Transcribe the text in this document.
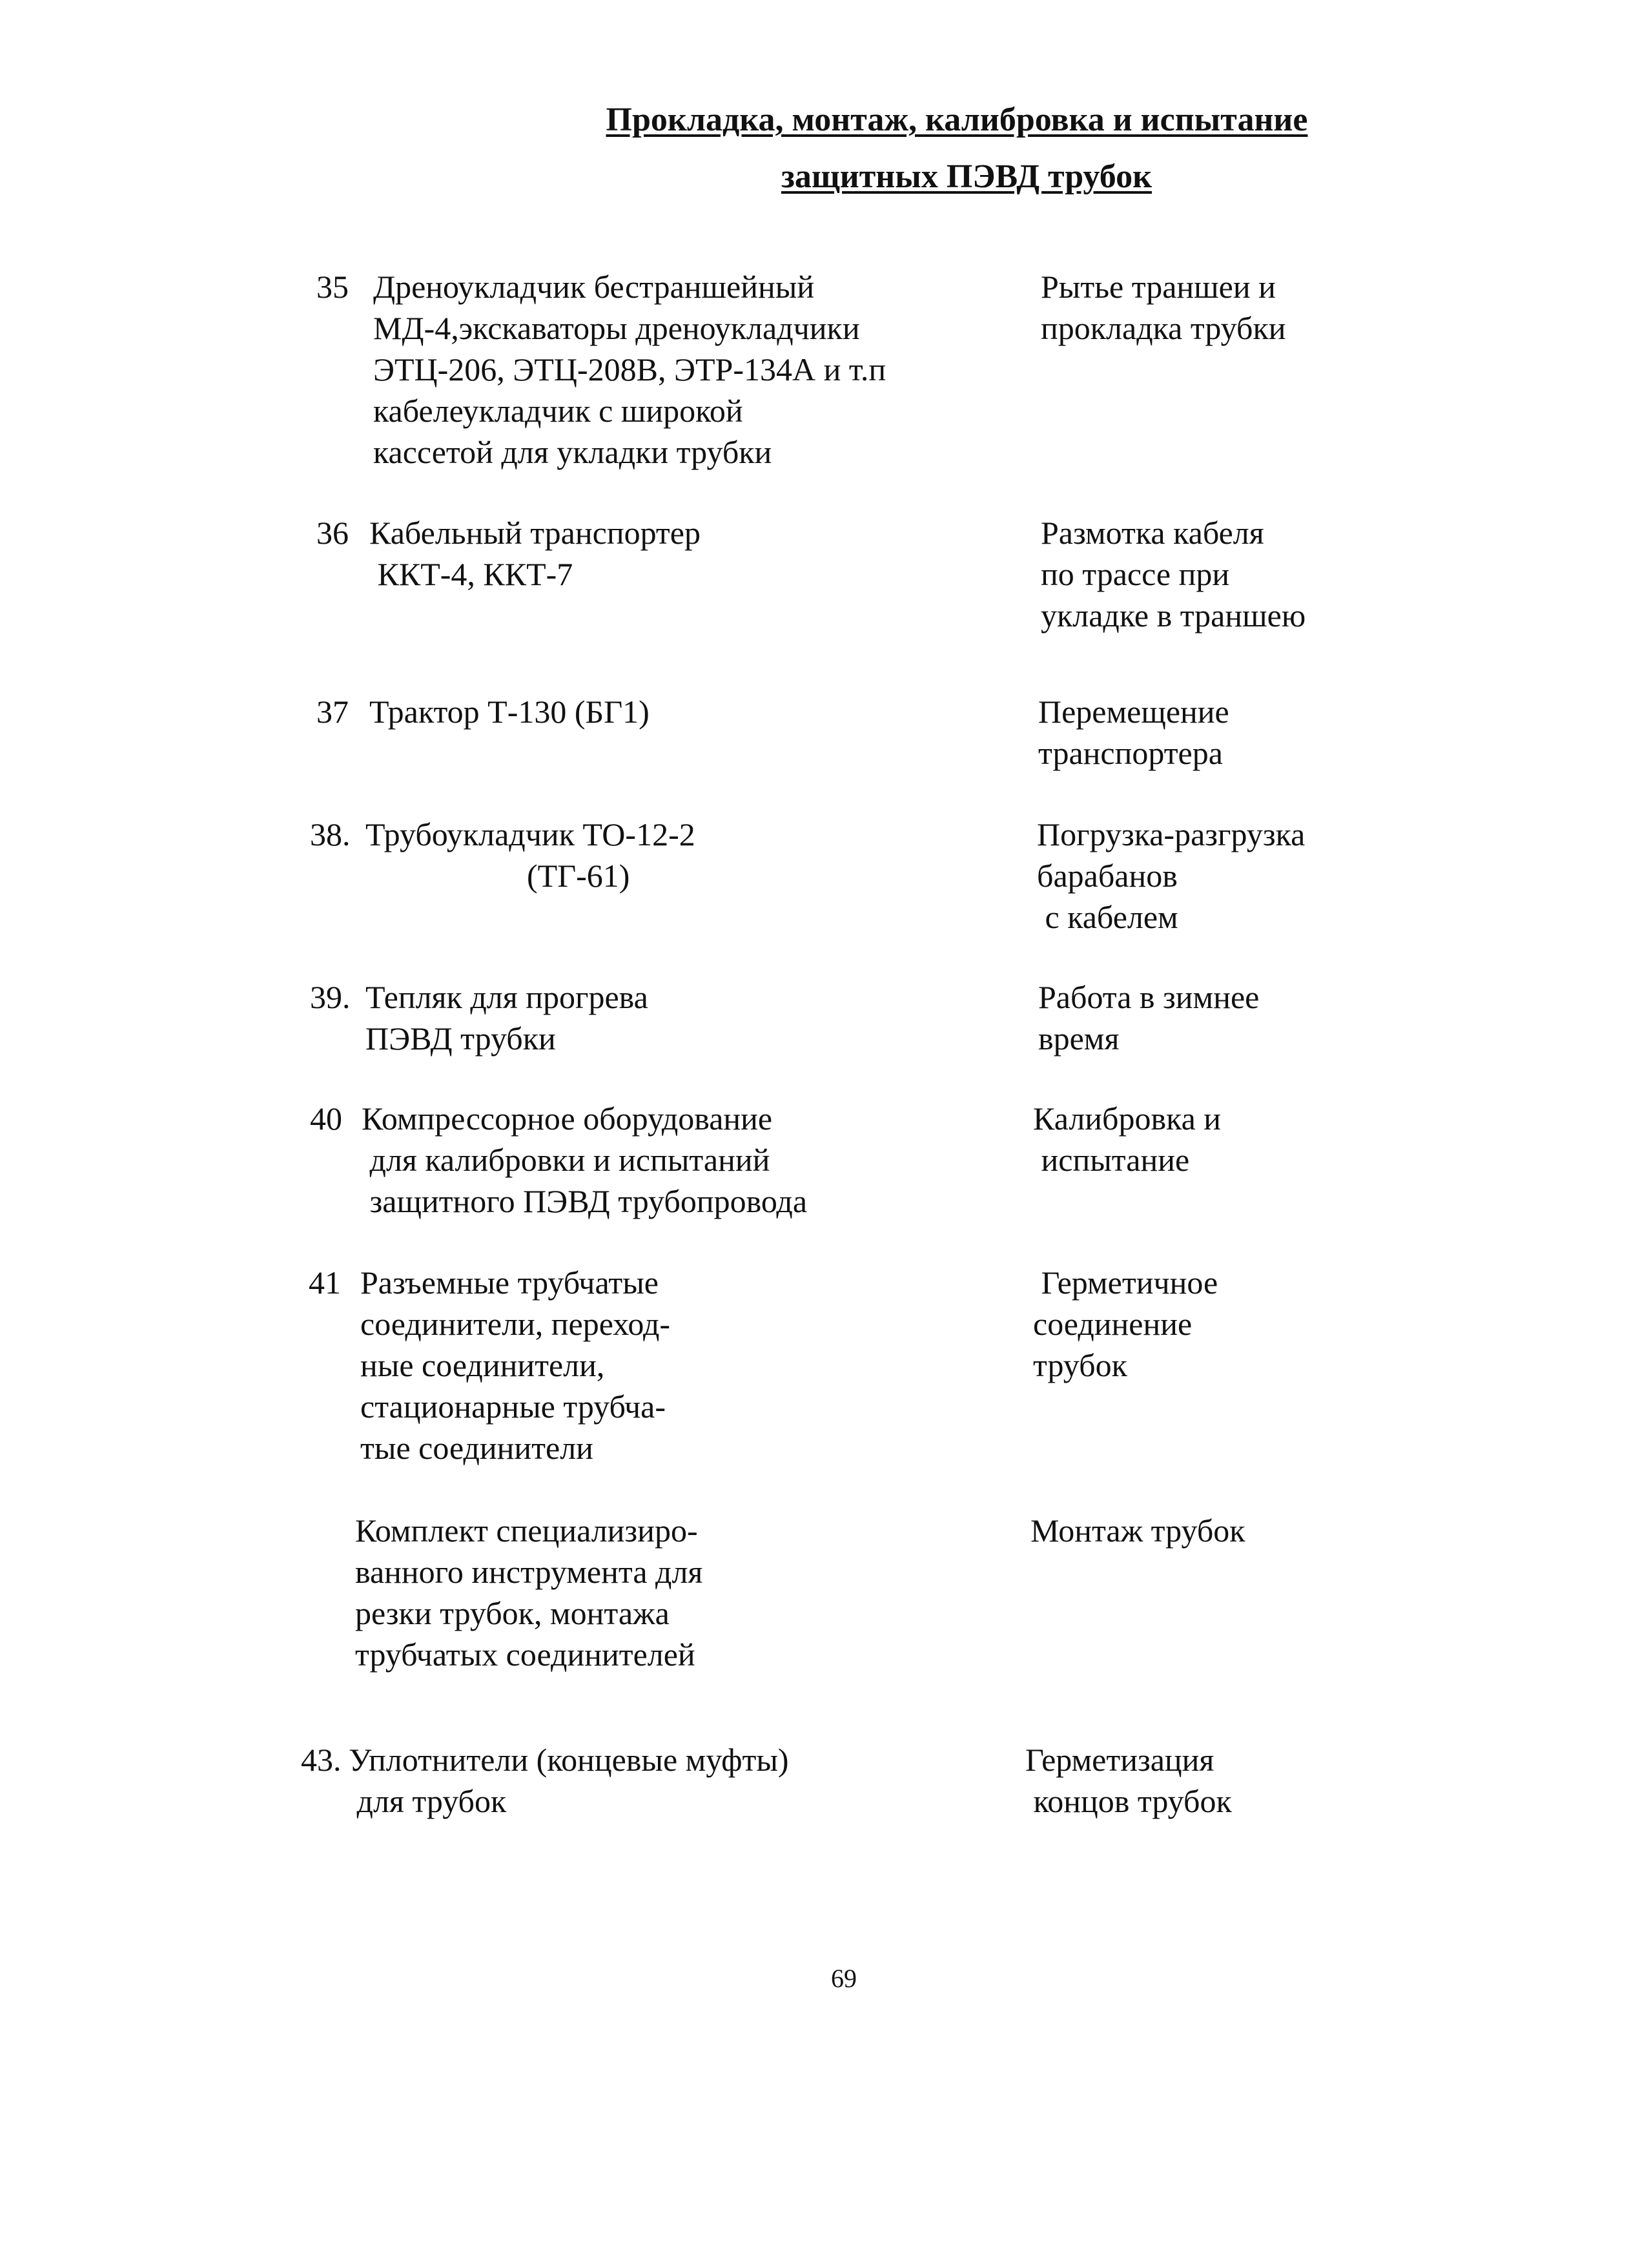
Прокладка, монтаж, калибровка и испытание
защитных ПЭВД трубок
35 Дреноукладчик бестраншейный
МД-4,экскаваторы дреноукладчики
ЭТЦ-206, ЭТЦ-208В, ЭТР-134А и т.п
кабелеукладчик с широкой
кассетой для укладки трубки
Рытье траншеи и
прокладка трубки
36 Кабельный транспортер
ККТ-4, ККТ-7
Размотка кабеля
по трассе при
укладке в траншею
37 Трактор Т-130 (БГ1)	Перемещение
транспортера
38. Трубоукладчик ТО-12-2
(ТГ-61)
Погрузка-разгрузка
барабанов
с кабелем
39. Тепляк для прогрева
ПЭВД трубки
Работа в зимнее
время
40 Компрессорное оборудование
для калибровки и испытаний
защитного ПЭВД трубопровода
Калибровка и
испытание
41 Разъемные трубчатые
соединители, переход-
ные соединители,
стационарные трубча-
тые соединители
Герметичное
соединение
трубок
Комплект специализиро-
ванного инструмента для
резки трубок, монтажа
трубчатых соединителей
Монтаж трубок
43. Уплотнители (концевые муфты)
для трубок
Герметизация
концов трубок
69
